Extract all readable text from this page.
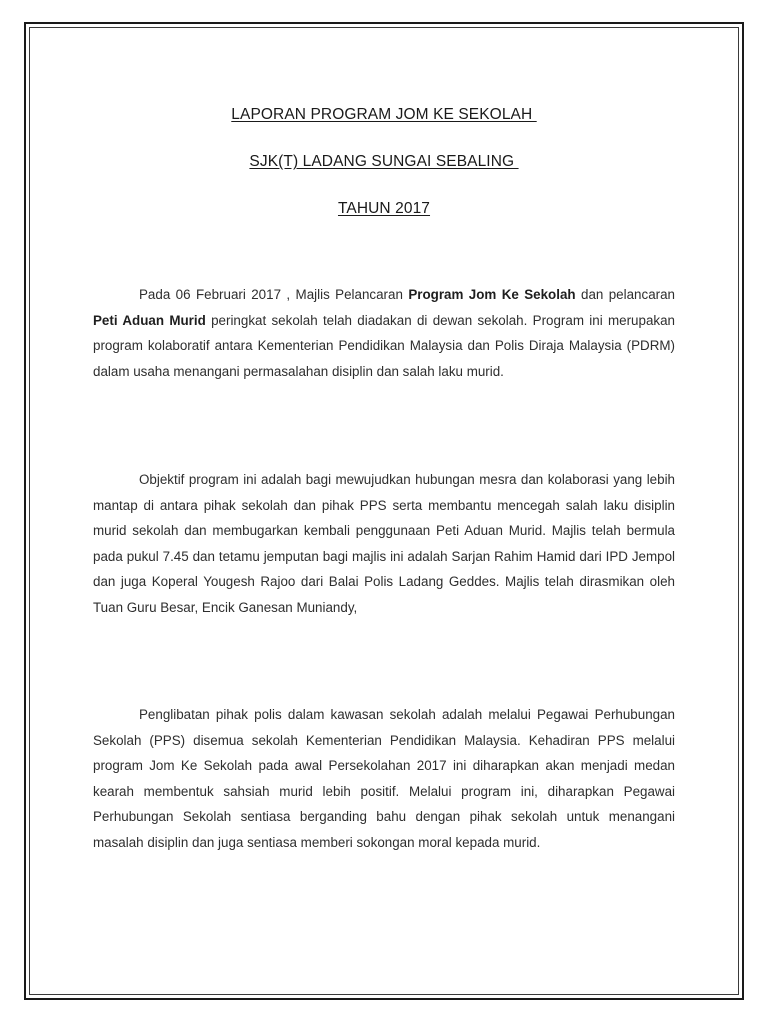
LAPORAN PROGRAM JOM KE SEKOLAH
SJK(T) LADANG SUNGAI SEBALING
TAHUN 2017

Pada 06 Februari 2017 , Majlis Pelancaran Program Jom Ke Sekolah dan pelancaran Peti Aduan Murid peringkat sekolah telah diadakan di dewan sekolah. Program ini merupakan program kolaboratif antara Kementerian Pendidikan Malaysia dan Polis Diraja Malaysia (PDRM) dalam usaha menangani permasalahan disiplin dan salah laku murid.

Objektif program ini adalah bagi mewujudkan hubungan mesra dan kolaborasi yang lebih mantap di antara pihak sekolah dan pihak PPS serta membantu mencegah salah laku disiplin murid sekolah dan membugarkan kembali penggunaan Peti Aduan Murid. Majlis telah bermula pada pukul 7.45 dan tetamu jemputan bagi majlis ini adalah Sarjan Rahim Hamid dari IPD Jempol dan juga Koperal Yougesh Rajoo dari Balai Polis Ladang Geddes. Majlis telah dirasmikan oleh Tuan Guru Besar, Encik Ganesan Muniandy,

Penglibatan pihak polis dalam kawasan sekolah adalah melalui Pegawai Perhubungan Sekolah (PPS) disemua sekolah Kementerian Pendidikan Malaysia. Kehadiran PPS melalui program Jom Ke Sekolah pada awal Persekolahan 2017 ini diharapkan akan menjadi medan kearah membentuk sahsiah murid lebih positif. Melalui program ini, diharapkan Pegawai Perhubungan Sekolah sentiasa berganding bahu dengan pihak sekolah untuk menangani masalah disiplin dan juga sentiasa memberi sokongan moral kepada murid.
